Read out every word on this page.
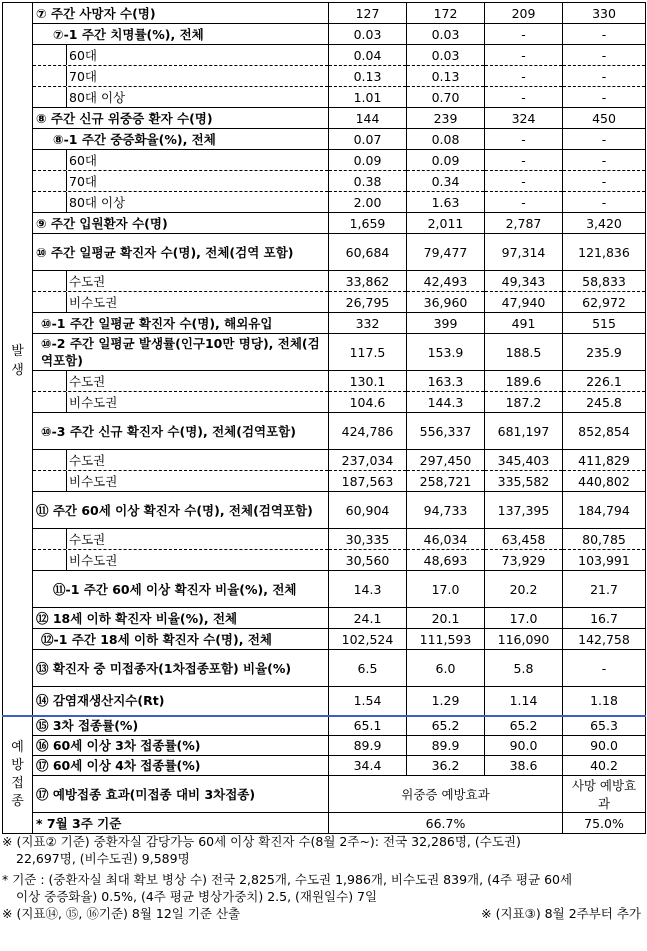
발생	⑦ 주간 사망자 수(명)	127	172	209	330
	⑦-1 주간 치명률(%), 전체	0.03	0.03	-	-
	60대	0.04	0.03	-	-
	70대	0.13	0.13	-	-
	80대 이상	1.01	0.70	-	-
	⑧ 주간 신규 위중증 환자 수(명)	144	239	324	450
	⑧-1 주간 중증화율(%), 전체	0.07	0.08	-	-
	60대	0.09	0.09	-	-
	70대	0.38	0.34	-	-
	80대 이상	2.00	1.63	-	-
	⑨ 주간 입원환자 수(명)	1,659	2,011	2,787	3,420
	⑩ 주간 일평균 확진자 수(명), 전체(검역 포함)	60,684	79,477	97,314	121,836
	수도권	33,862	42,493	49,343	58,833
	비수도권	26,795	36,960	47,940	62,972
	⑩-1 주간 일평균 확진자 수(명), 해외유입	332	399	491	515
	⑩-2 주간 일평균 발생률(인구10만 명당), 전체(검역포함)	117.5	153.9	188.5	235.9
	수도권	130.1	163.3	189.6	226.1
	비수도권	104.6	144.3	187.2	245.8
	⑩-3 주간 신규 확진자 수(명), 전체(검역포함)	424,786	556,337	681,197	852,854
	수도권	237,034	297,450	345,403	411,829
	비수도권	187,563	258,721	335,582	440,802
	⑪ 주간 60세 이상 확진자 수(명), 전체(검역포함)	60,904	94,733	137,395	184,794
	수도권	30,335	46,034	63,458	80,785
	비수도권	30,560	48,693	73,929	103,991
	⑪-1 주간 60세 이상 확진자 비율(%), 전체	14.3	17.0	20.2	21.7
	⑫ 18세 이하 확진자 비율(%), 전체	24.1	20.1	17.0	16.7
	⑫-1 주간 18세 이하 확진자 수(명), 전체	102,524	111,593	116,090	142,758
	⑬ 확진자 중 미접종자(1차접종포함) 비율(%)	6.5	6.0	5.8	-
	⑭ 감염재생산지수(Rt)	1.54	1.29	1.14	1.18
예방
접종	⑮ 3차 접종률(%)	65.1	65.2	65.2	65.3
	⑯ 60세 이상 3차 접종률(%)	89.9	89.9	90.0	90.0
	⑰ 60세 이상 4차 접종률(%)	34.4	36.2	38.6	40.2
	⑰ 예방접종 효과(미접종 대비 3차접종)	위중증 예방효과			사망 예방효과
	* 7월 3주 기준	66.7%			75.0%
※ (지표② 기준) 중환자실 감당가능 60세 이상 확진자 수(8월 2주~): 전국 32,286명, (수도권)
22,697명, (비수도권) 9,589명
* 기준 : (중환자실 최대 확보 병상 수) 전국 2,825개, 수도권 1,986개, 비수도권 839개, (4주 평균 60세
이상 중증화율) 0.5%, (4주 평균 병상가중치) 2.5, (재원일수) 7일
※ (지표⑭, ⑮, ⑯기준) 8월 12일 기준 산출	※ (지표③) 8월 2주부터 추가
